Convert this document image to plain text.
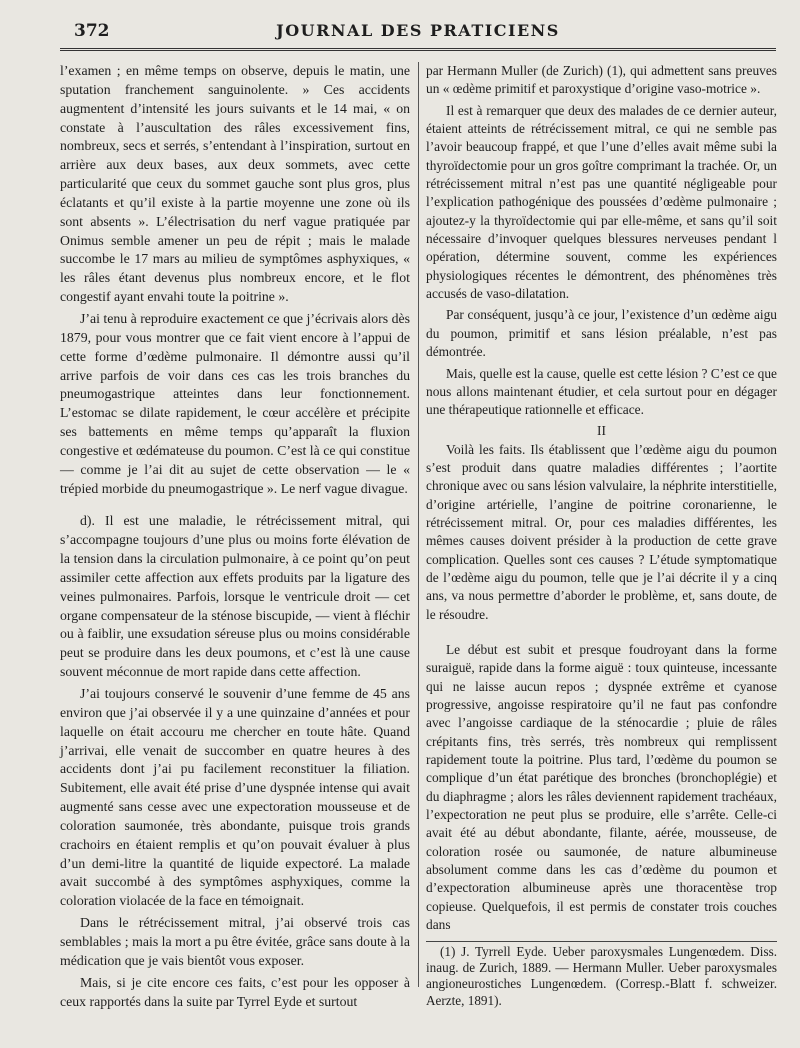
372	JOURNAL DES PRATICIENS

l’examen ; en même temps on observe, depuis le matin, une sputation franchement sanguinolente. » Ces accidents augmentent d’intensité les jours suivants et le 14 mai, « on constate à l’auscultation des râles excessivement fins, nombreux, secs et serrés, s’entendant à l’inspiration, surtout en arrière aux deux bases, aux deux sommets, avec cette particularité que ceux du sommet gauche sont plus gros, plus éclatants et qu’il existe à la partie moyenne une zone où ils sont absents ». L’électrisation du nerf vague pratiquée par Onimus semble amener un peu de répit ; mais le malade succombe le 17 mars au milieu de symptômes asphyxiques, « les râles étant devenus plus nombreux encore, et le flot congestif ayant envahi toute la poitrine ».

J’ai tenu à reproduire exactement ce que j’écrivais alors dès 1879, pour vous montrer que ce fait vient encore à l’appui de cette forme d’œdème pulmonaire. Il démontre aussi qu’il arrive parfois de voir dans ces cas les trois branches du pneumogastrique atteintes dans leur fonctionnement. L’estomac se dilate rapidement, le cœur accélère et précipite ses battements en même temps qu’apparaît la fluxion congestive et œdémateuse du poumon. C’est là ce qui constitue — comme je l’ai dit au sujet de cette observation — le « trépied morbide du pneumogastrique ». Le nerf vague divague.

d). Il est une maladie, le rétrécissement mitral, qui s’accompagne toujours d’une plus ou moins forte élévation de la tension dans la circulation pulmonaire, à ce point qu’on peut assimiler cette affection aux effets produits par la ligature des veines pulmonaires. Parfois, lorsque le ventricule droit — cet organe compensateur de la sténose biscupide, — vient à fléchir ou à faiblir, une exsudation séreuse plus ou moins considérable peut se produire dans les deux poumons, et c’est là une cause souvent méconnue de mort rapide dans cette affection.

J’ai toujours conservé le souvenir d’une femme de 45 ans environ que j’ai observée il y a une quinzaine d’années et pour laquelle on était accouru me chercher en toute hâte. Quand j’arrivai, elle venait de succomber en quatre heures à des accidents dont j’ai pu facilement reconstituer la filiation. Subitement, elle avait été prise d’une dyspnée intense qui avait augmenté sans cesse avec une expectoration mousseuse et de coloration saumonée, très abondante, puisque trois grands crachoirs en étaient remplis et qu’on pouvait évaluer à plus d’un demi-litre la quantité de liquide expectoré. La malade avait succombé à des symptômes asphyxiques, comme la coloration violacée de la face en témoignait.

Dans le rétrécissement mitral, j’ai observé trois cas semblables ; mais la mort a pu être évitée, grâce sans doute à la médication que je vais bientôt vous exposer.

Mais, si je cite encore ces faits, c’est pour les opposer à ceux rapportés dans la suite par Tyrrel Eyde et surtout

par Hermann Muller (de Zurich) (1), qui admettent sans preuves un « œdème primitif et paroxystique d’origine vaso-motrice ».

Il est à remarquer que deux des malades de ce dernier auteur, étaient atteints de rétrécissement mitral, ce qui ne semble pas l’avoir beaucoup frappé, et que l’une d’elles avait même subi la thyroïdectomie pour un gros goître comprimant la trachée. Or, un rétrécissement mitral n’est pas une quantité négligeable pour l’explication pathogénique des poussées d’œdème pulmonaire ; ajoutez-y la thyroïdectomie qui par elle-même, et sans qu’il soit nécessaire d’invoquer quelques blessures nerveuses pendant l opération, détermine souvent, comme les expériences physiologiques récentes le démontrent, des phénomènes très accusés de vaso-dilatation.

Par conséquent, jusqu’à ce jour, l’existence d’un œdème aigu du poumon, primitif et sans lésion préalable, n’est pas démontrée.

Mais, quelle est la cause, quelle est cette lésion ? C’est ce que nous allons maintenant étudier, et cela surtout pour en dégager une thérapeutique rationnelle et efficace.

II

Voilà les faits. Ils établissent que l’œdème aigu du poumon s’est produit dans quatre maladies différentes ; l’aortite chronique avec ou sans lésion valvulaire, la néphrite interstitielle, d’origine artérielle, l’angine de poitrine coronarienne, le rétrécissement mitral. Or, pour ces maladies différentes, les mêmes causes doivent présider à la production de cette grave complication. Quelles sont ces causes ? L’étude symptomatique de l’œdème aigu du poumon, telle que je l’ai décrite il y a cinq ans, va nous permettre d’aborder le problème, et, sans doute, de le résoudre.

Le début est subit et presque foudroyant dans la forme suraiguë, rapide dans la forme aiguë : toux quinteuse, incessante qui ne laisse aucun repos ; dyspnée extrême et cyanose progressive, angoisse respiratoire qu’il ne faut pas confondre avec l’angoisse cardiaque de la sténocardie ; pluie de râles crépitants fins, très serrés, très nombreux qui remplissent rapidement toute la poitrine. Plus tard, l’œdème du poumon se complique d’un état parétique des bronches (bronchoplégie) et du diaphragme ; alors les râles deviennent rapidement trachéaux, l’expectoration ne peut plus se produire, elle s’arrête. Celle-ci avait été au début abondante, filante, aérée, mousseuse, de coloration rosée ou saumonée, de nature albumineuse absolument comme dans les cas d’œdème du poumon et d’expectoration albumineuse après une thoracentèse trop copieuse. Quelquefois, il est permis de constater trois couches dans

(1) J. Tyrrell Eyde. Ueber paroxysmales Lungenœdem. Diss. inaug. de Zurich, 1889. — Hermann Muller. Ueber paroxysmales angioneurostiches Lungenœdem. (Corresp.-Blatt f. schweizer. Aerzte, 1891).
